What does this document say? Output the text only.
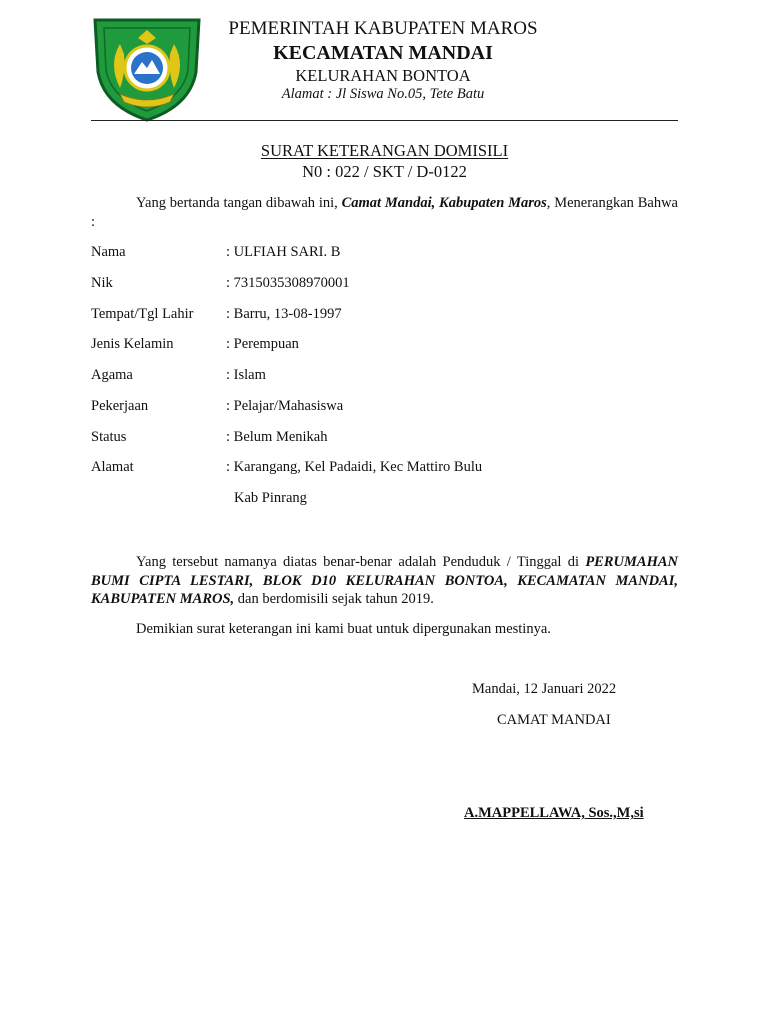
PEMERINTAH KABUPATEN MAROS
KECAMATAN MANDAI
KELURAHAN BONTOA
Alamat : Jl Siswa No.05, Tete Batu
SURAT KETERANGAN DOMISILI
N0 : 022 / SKT / D-0122
Yang bertanda tangan dibawah ini, Camat Mandai, Kabupaten Maros, Menerangkan Bahwa :
Nama	: ULFIAH SARI. B
Nik	: 7315035308970001
Tempat/Tgl Lahir : Barru, 13-08-1997
Jenis Kelamin	: Perempuan
Agama	: Islam
Pekerjaan	: Pelajar/Mahasiswa
Status	: Belum Menikah
Alamat	: Karangang, Kel Padaidi, Kec Mattiro Bulu
Kab Pinrang
Yang tersebut namanya diatas benar-benar adalah Penduduk / Tinggal di PERUMAHAN BUMI CIPTA LESTARI, BLOK D10 KELURAHAN BONTOA, KECAMATAN MANDAI, KABUPATEN MAROS, dan berdomisili sejak tahun 2019.
Demikian surat keterangan ini kami buat untuk dipergunakan mestinya.
Mandai, 12 Januari 2022
CAMAT MANDAI
A.MAPPELLAWA, Sos.,M,si
